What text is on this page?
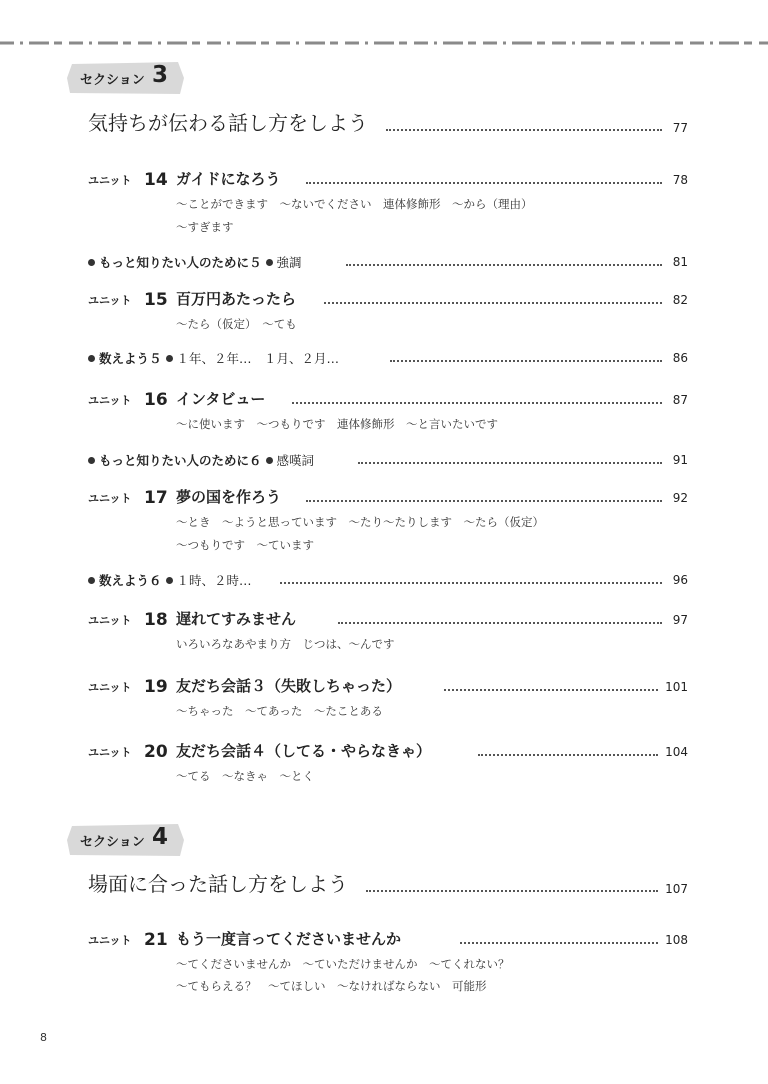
セクション 3
気持ちが伝わる話し方をしよう	77
ユニット 14 ガイドになろう	78
～ことができます　～ないでください　連体修飾形　～から（理由）
～すぎます
もっと知りたい人のために５ 強調	81
ユニット 15 百万円あたったら	82
～たら（仮定）　～ても
数えよう５ １年、２年…　１月、２月…	86
ユニット 16 インタビュー	87
～に使います　～つもりです　連体修飾形　～と言いたいです
もっと知りたい人のために６ 感嘆詞	91
ユニット 17 夢の国を作ろう	92
～とき　～ようと思っています　～たり～たりします　～たら（仮定）
～つもりです　～ています
数えよう６ １時、２時…	96
ユニット 18 遅れてすみません	97
いろいろなあやまり方　じつは、～んです
ユニット 19 友だち会話３（失敗しちゃった）	101
～ちゃった　～てあった　～たことある
ユニット 20 友だち会話４（してる・やらなきゃ）	104
～てる　～なきゃ　～とく
セクション 4
場面に合った話し方をしよう	107
ユニット 21 もう一度言ってくださいませんか	108
～てくださいませんか　～ていただけませんか　～てくれない？
～てもらえる？　～てほしい　～なければならない　可能形
8
